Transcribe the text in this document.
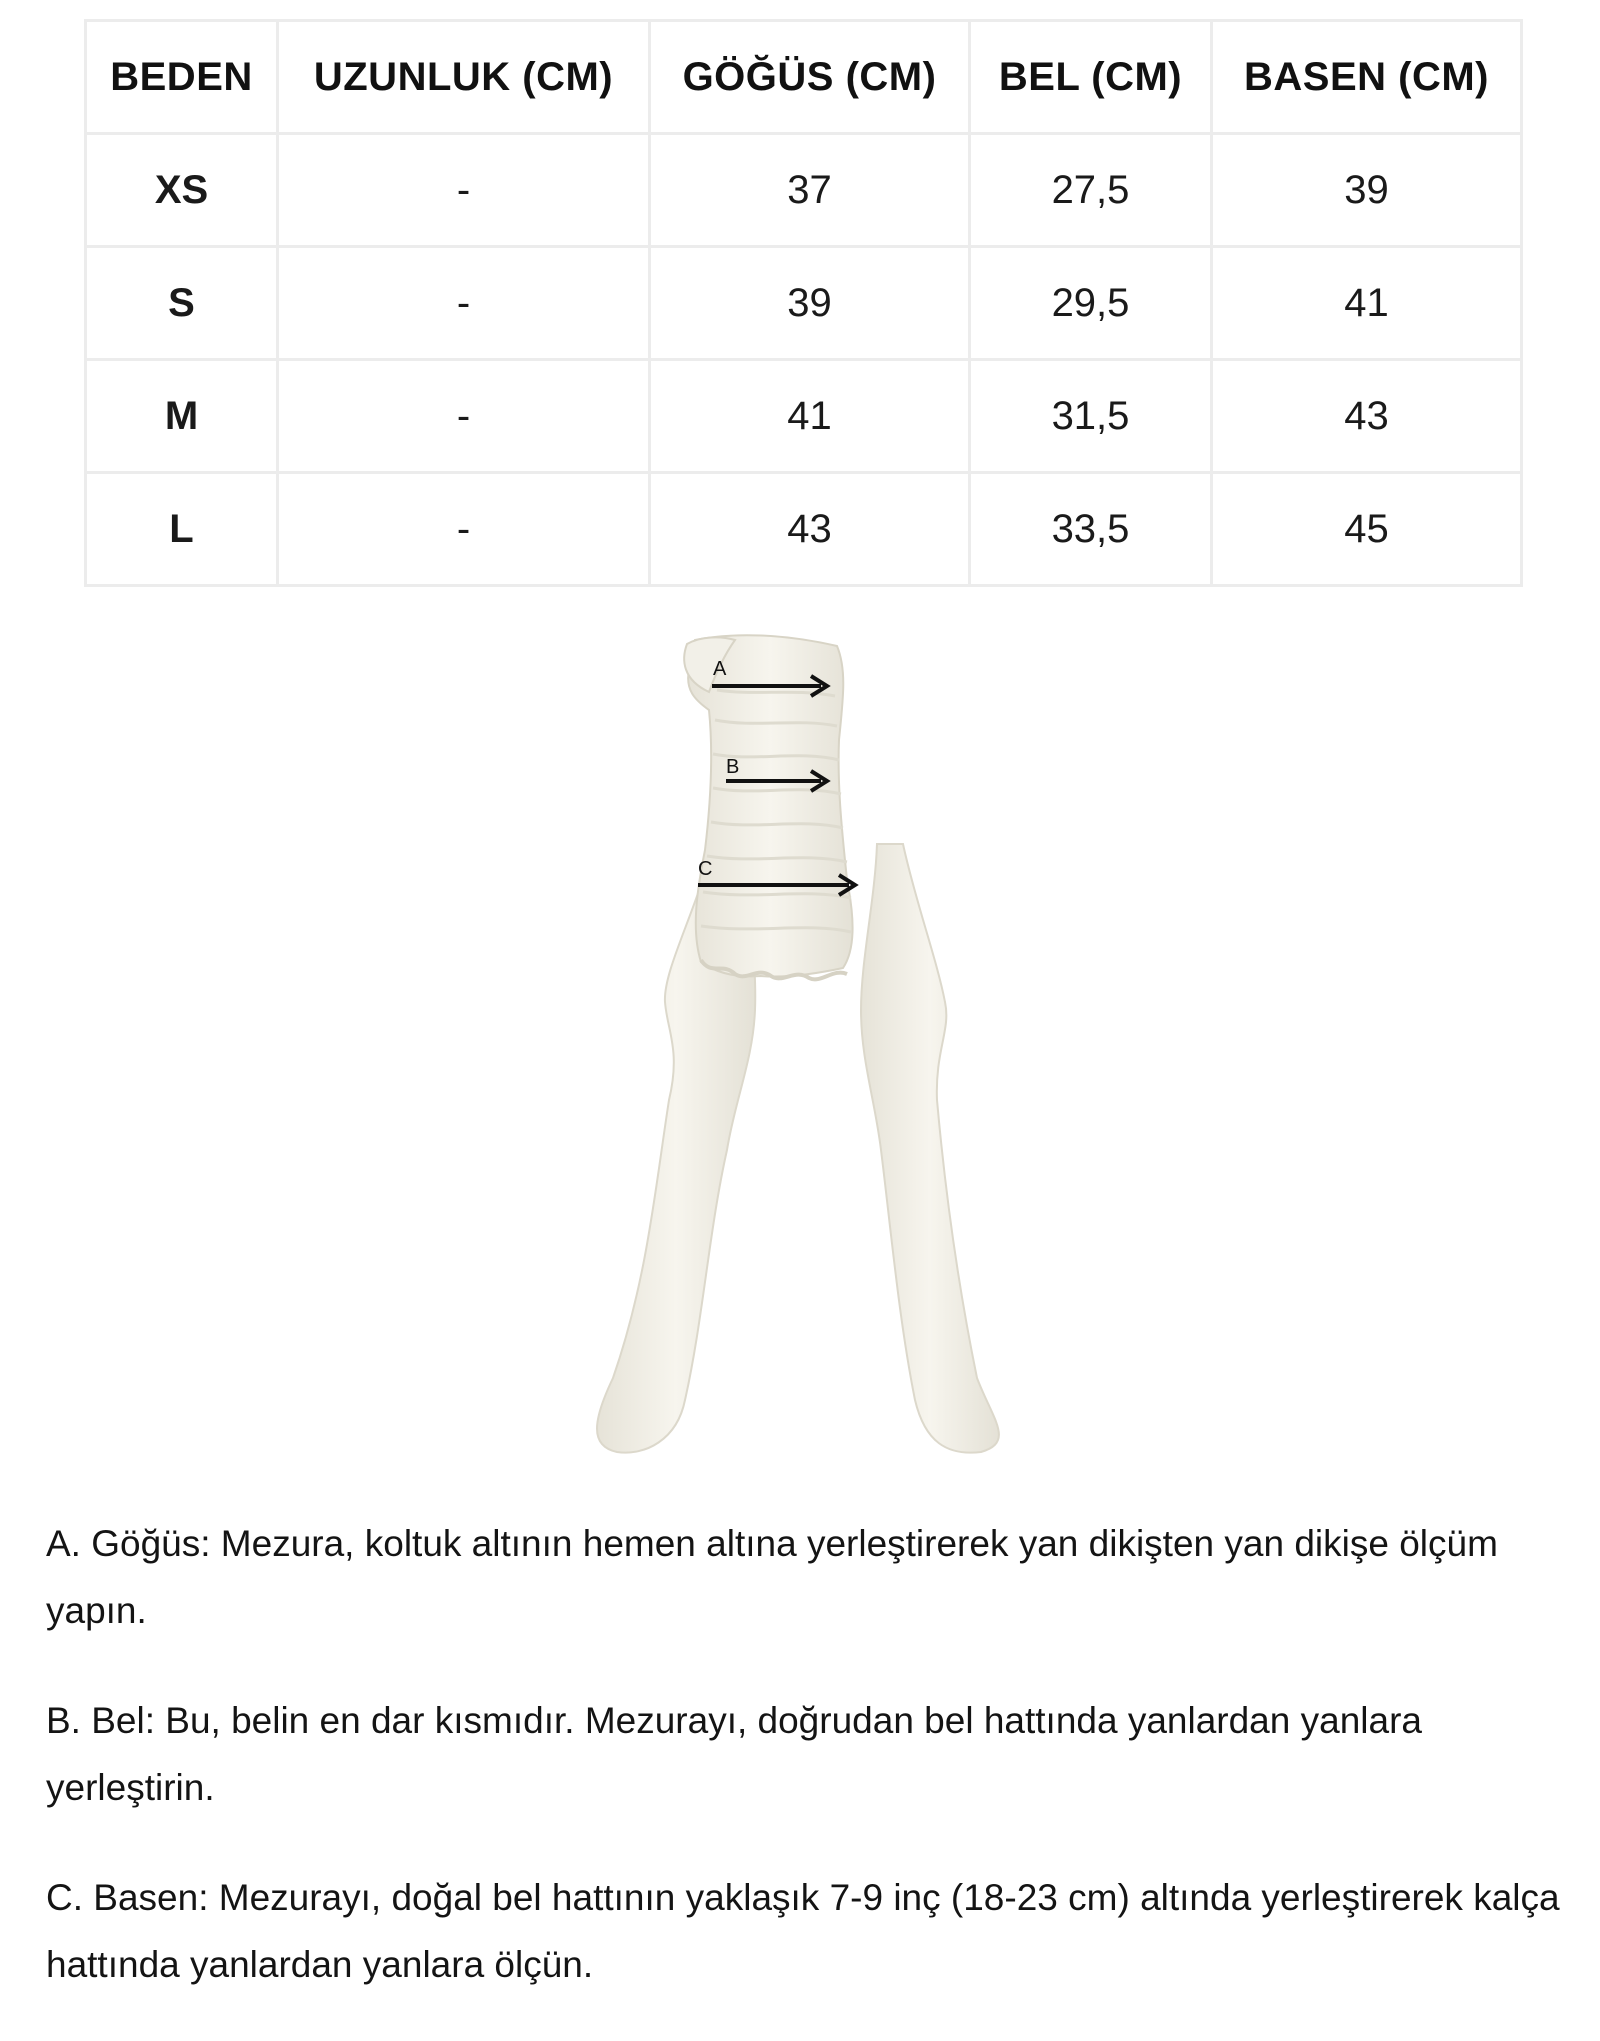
BEDEN	UZUNLUK (CM)	GÖĞÜS (CM)	BEL (CM)	BASEN (CM)
XS	-	37	27,5	39
S	-	39	29,5	41
M	-	41	31,5	43
L	-	43	33,5	45
A
B
C

A. Göğüs: Mezura, koltuk altının hemen altına yerleştirerek yan dikişten yan dikişe ölçüm yapın.

B. Bel: Bu, belin en dar kısmıdır. Mezurayı, doğrudan bel hattında yanlardan yanlara yerleştirin.

C. Basen: Mezurayı, doğal bel hattının yaklaşık 7-9 inç (18-23 cm) altında yerleştirerek kalça hattında yanlardan yanlara ölçün.
